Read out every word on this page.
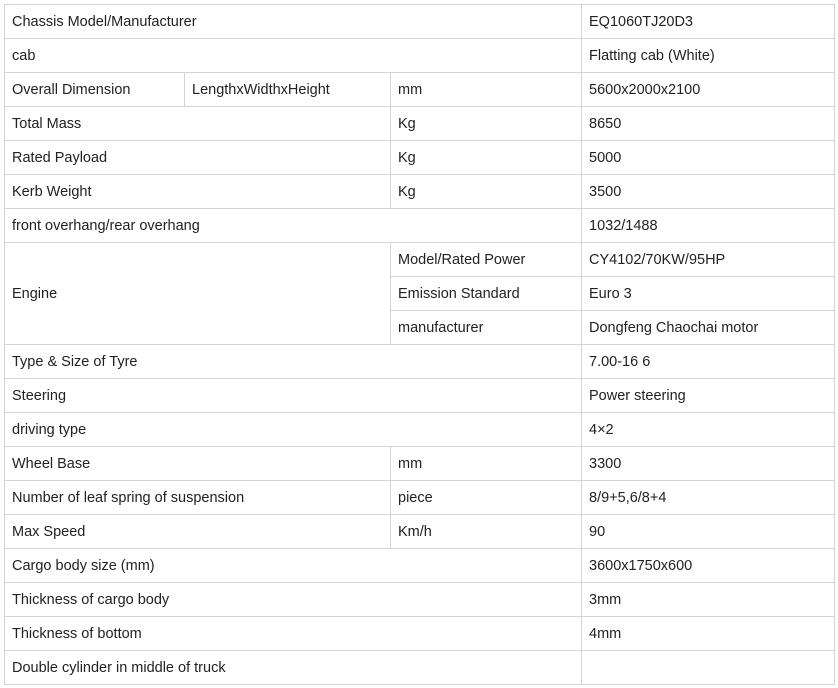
Chassis Model/Manufacturer			EQ1060TJ20D3
cab			Flatting cab (White)
Overall Dimension	LengthxWidthxHeight	mm	5600x2000x2100
Total Mass		Kg	8650
Rated Payload		Kg	5000
Kerb Weight		Kg	3500
front overhang/rear overhang			1032/1488
Engine		Model/Rated Power	CY4102/70KW/95HP
		Emission Standard	Euro 3
		manufacturer	Dongfeng Chaochai motor
Type & Size of Tyre			7.00-16 6
Steering			Power steering
driving type			4×2
Wheel Base		mm	3300
Number of leaf spring of suspension		piece	8/9+5,6/8+4
Max Speed		Km/h	90
Cargo body size (mm)			3600x1750x600
Thickness of cargo body			3mm
Thickness of bottom			4mm
Double cylinder in middle of truck			
